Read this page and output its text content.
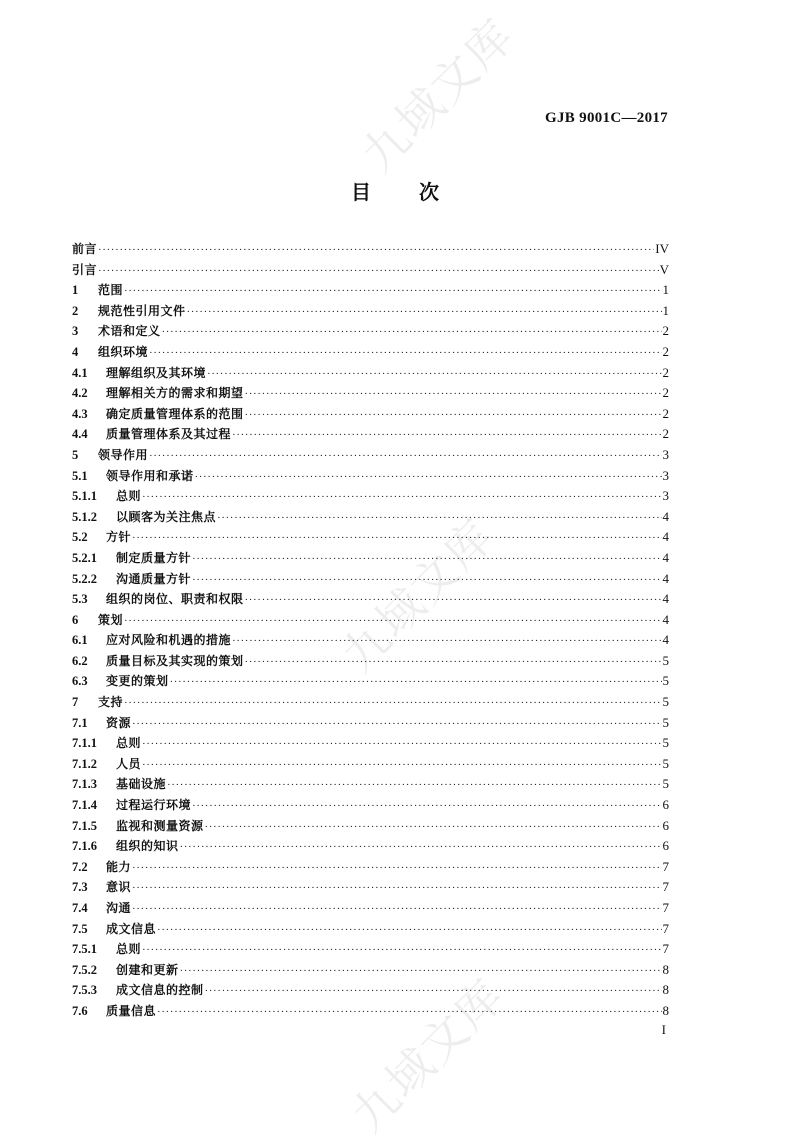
九域文库
九域文库
九域文库
GJB 9001C—2017
目 次
前言 ·····	IV
引言 ·····	V
1	范围 ·····	1
2	规范性引用文件 ·····	1
3	术语和定义 ·····	2
4	组织环境 ·····	2
4.1	理解组织及其环境 ·····	2
4.2	理解相关方的需求和期望 ·····	2
4.3	确定质量管理体系的范围 ·····	2
4.4	质量管理体系及其过程 ·····	2
5	领导作用 ·····	3
5.1	领导作用和承诺 ·····	3
5.1.1	总则 ·····	3
5.1.2	以顾客为关注焦点 ·····	4
5.2	方针 ·····	4
5.2.1	制定质量方针 ·····	4
5.2.2	沟通质量方针 ·····	4
5.3	组织的岗位、职责和权限 ·····	4
6	策划 ·····	4
6.1	应对风险和机遇的措施 ·····	4
6.2	质量目标及其实现的策划 ·····	5
6.3	变更的策划 ·····	5
7	支持 ·····	5
7.1	资源 ·····	5
7.1.1	总则 ·····	5
7.1.2	人员 ·····	5
7.1.3	基础设施 ·····	5
7.1.4	过程运行环境 ·····	6
7.1.5	监视和测量资源 ·····	6
7.1.6	组织的知识 ·····	6
7.2	能力 ·····	7
7.3	意识 ·····	7
7.4	沟通 ·····	7
7.5	成文信息 ·····	7
7.5.1	总则 ·····	7
7.5.2	创建和更新 ·····	8
7.5.3	成文信息的控制 ·····	8
7.6	质量信息 ·····	8
I
